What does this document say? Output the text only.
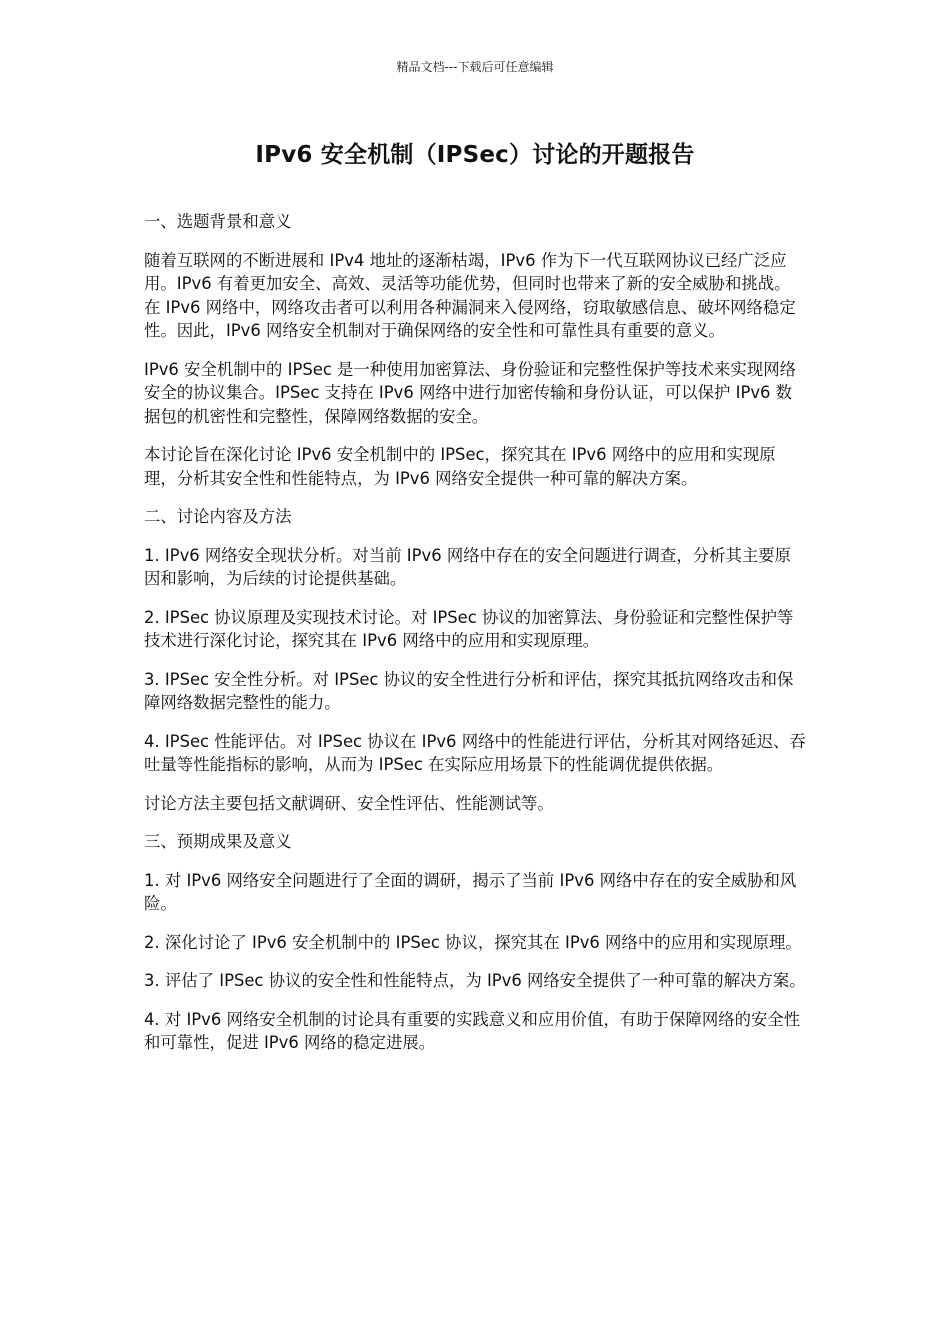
精品文档---下载后可任意编辑
IPv6 安全机制（IPSec）讨论的开题报告

一、选题背景和意义

随着互联网的不断进展和 IPv4 地址的逐渐枯竭，IPv6 作为下一代互联网协议已经广泛应用。IPv6 有着更加安全、高效、灵活等功能优势，但同时也带来了新的安全威胁和挑战。在 IPv6 网络中，网络攻击者可以利用各种漏洞来入侵网络，窃取敏感信息、破坏网络稳定性。因此，IPv6 网络安全机制对于确保网络的安全性和可靠性具有重要的意义。

IPv6 安全机制中的 IPSec 是一种使用加密算法、身份验证和完整性保护等技术来实现网络安全的协议集合。IPSec 支持在 IPv6 网络中进行加密传输和身份认证，可以保护 IPv6 数据包的机密性和完整性，保障网络数据的安全。

本讨论旨在深化讨论 IPv6 安全机制中的 IPSec，探究其在 IPv6 网络中的应用和实现原理，分析其安全性和性能特点，为 IPv6 网络安全提供一种可靠的解决方案。

二、讨论内容及方法

1. IPv6 网络安全现状分析。对当前 IPv6 网络中存在的安全问题进行调查，分析其主要原因和影响，为后续的讨论提供基础。

2. IPSec 协议原理及实现技术讨论。对 IPSec 协议的加密算法、身份验证和完整性保护等技术进行深化讨论，探究其在 IPv6 网络中的应用和实现原理。

3. IPSec 安全性分析。对 IPSec 协议的安全性进行分析和评估，探究其抵抗网络攻击和保障网络数据完整性的能力。

4. IPSec 性能评估。对 IPSec 协议在 IPv6 网络中的性能进行评估，分析其对网络延迟、吞吐量等性能指标的影响，从而为 IPSec 在实际应用场景下的性能调优提供依据。

讨论方法主要包括文献调研、安全性评估、性能测试等。

三、预期成果及意义

1. 对 IPv6 网络安全问题进行了全面的调研，揭示了当前 IPv6 网络中存在的安全威胁和风险。

2. 深化讨论了 IPv6 安全机制中的 IPSec 协议，探究其在 IPv6 网络中的应用和实现原理。

3. 评估了 IPSec 协议的安全性和性能特点，为 IPv6 网络安全提供了一种可靠的解决方案。

4. 对 IPv6 网络安全机制的讨论具有重要的实践意义和应用价值，有助于保障网络的安全性和可靠性，促进 IPv6 网络的稳定进展。
